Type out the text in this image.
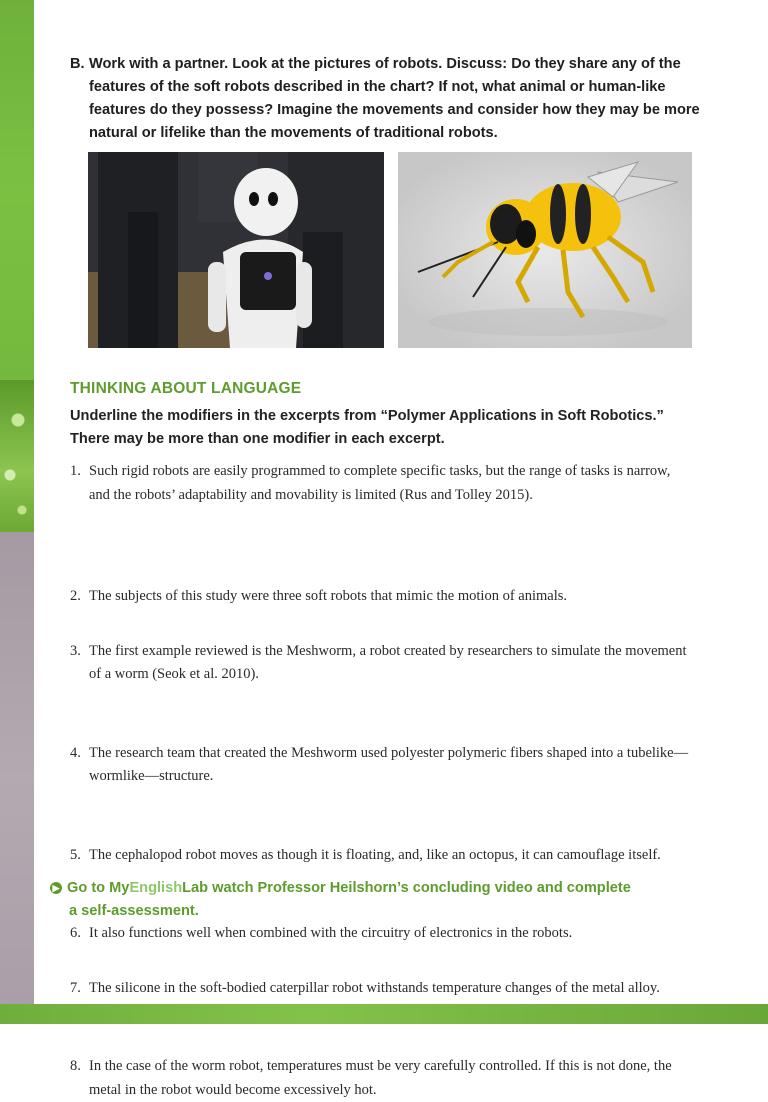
B. Work with a partner. Look at the pictures of robots. Discuss: Do they share any of the features of the soft robots described in the chart? If not, what animal or human-like features do they possess? Imagine the movements and consider how they may be more natural or lifelike than the movements of traditional robots.
THINKING ABOUT LANGUAGE
Underline the modifiers in the excerpts from “Polymer Applications in Soft Robotics.” There may be more than one modifier in each excerpt.
1. Such rigid robots are easily programmed to complete specific tasks, but the range of tasks is narrow, and the robots’ adaptability and movability is limited (Rus and Tolley 2015).
2. The subjects of this study were three soft robots that mimic the motion of animals.
3. The first example reviewed is the Meshworm, a robot created by researchers to simulate the movement of a worm (Seok et al. 2010).
4. The research team that created the Meshworm used polyester polymeric fibers shaped into a tubelike—wormlike—structure.
5. The cephalopod robot moves as though it is floating, and, like an octopus, it can camouflage itself.
6. It also functions well when combined with the circuitry of electronics in the robots.
7. The silicone in the soft-bodied caterpillar robot withstands temperature changes of the metal alloy.
8. In the case of the worm robot, temperatures must be very carefully controlled. If this is not done, the metal in the robot would become excessively hot.
▶ Go to MyEnglishLab watch Professor Heilshorn’s concluding video and complete
a self-assessment.
